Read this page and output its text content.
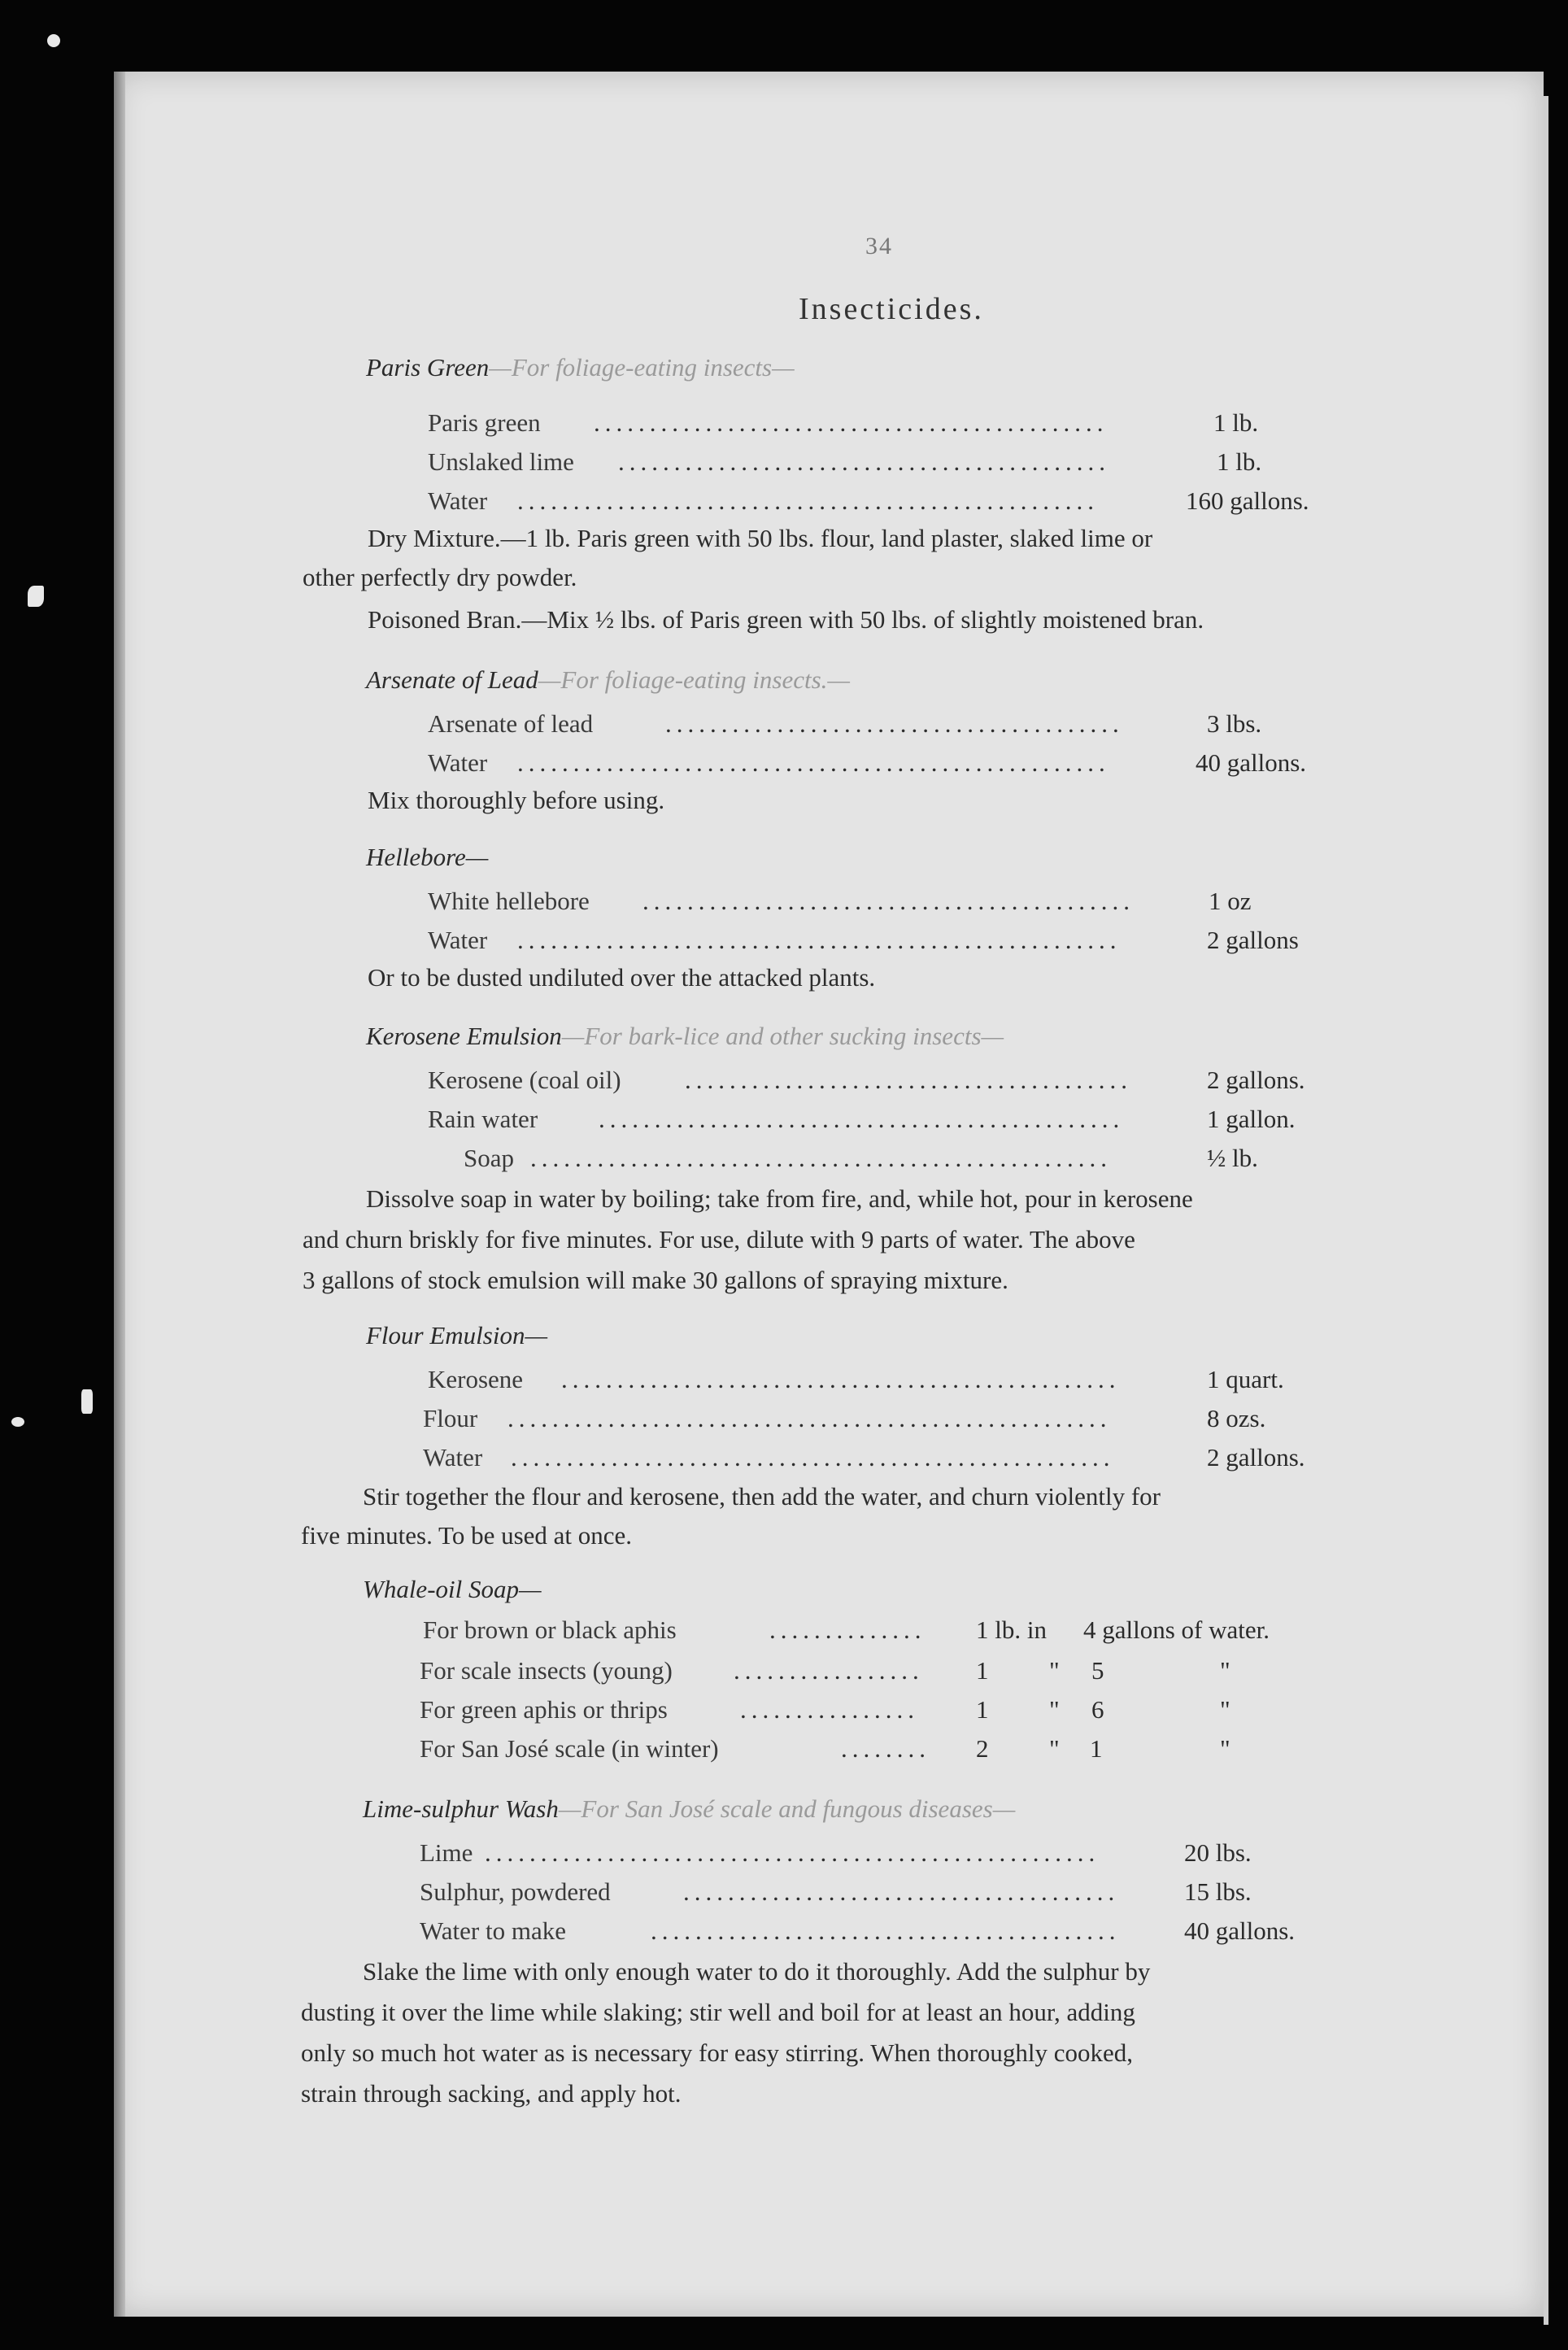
34
Insecticides.
Paris Green—For foliage-eating insects—
Paris green ..............................................	1 lb.
Unslaked lime ............................................	1 lb.
Water ....................................................	160 gallons.
Dry Mixture.—1 lb. Paris green with 50 lbs. flour, land plaster, slaked lime or
other perfectly dry powder.
Poisoned Bran.—Mix ½ lbs. of Paris green with 50 lbs. of slightly moistened bran.
Arsenate of Lead—For foliage-eating insects.—
Arsenate of lead	.........................................	3 lbs.
Water .....................................................	40 gallons.
Mix thoroughly before using.
Hellebore—
White hellebore ............................................	1 oz
Water ......................................................	2 gallons
Or to be dusted undiluted over the attacked plants.
Kerosene Emulsion—For bark-lice and other sucking insects—
Kerosene (coal oil)	........................................	2 gallons.
Rain water ...............................................	1 gallon.
Soap ....................................................	½ lb.
Dissolve soap in water by boiling; take from fire, and, while hot, pour in kerosene
and churn briskly for five minutes. For use, dilute with 9 parts of water. The above
3 gallons of stock emulsion will make 30 gallons of spraying mixture.
Flour Emulsion—
Kerosene ..................................................	1 quart.
Flour ......................................................	8 ozs.
Water ......................................................	2 gallons.
Stir together the flour and kerosene, then add the water, and churn violently for
five minutes. To be used at once.
Whale-oil Soap—
For brown or black aphis	..............	1 lb. in 4 gallons of water.
For scale insects (young) .................	1 " 5	"
For green aphis or thrips	................	1 " 6	"
For San José scale (in winter)	........	2 " 1	"
Lime-sulphur Wash—For San José scale and fungous diseases—
Lime .......................................................	20 lbs.
Sulphur, powdered	.......................................	15 lbs.
Water to make	..........................................	40 gallons.
Slake the lime with only enough water to do it thoroughly. Add the sulphur by
dusting it over the lime while slaking; stir well and boil for at least an hour, adding
only so much hot water as is necessary for easy stirring. When thoroughly cooked,
strain through sacking, and apply hot.
